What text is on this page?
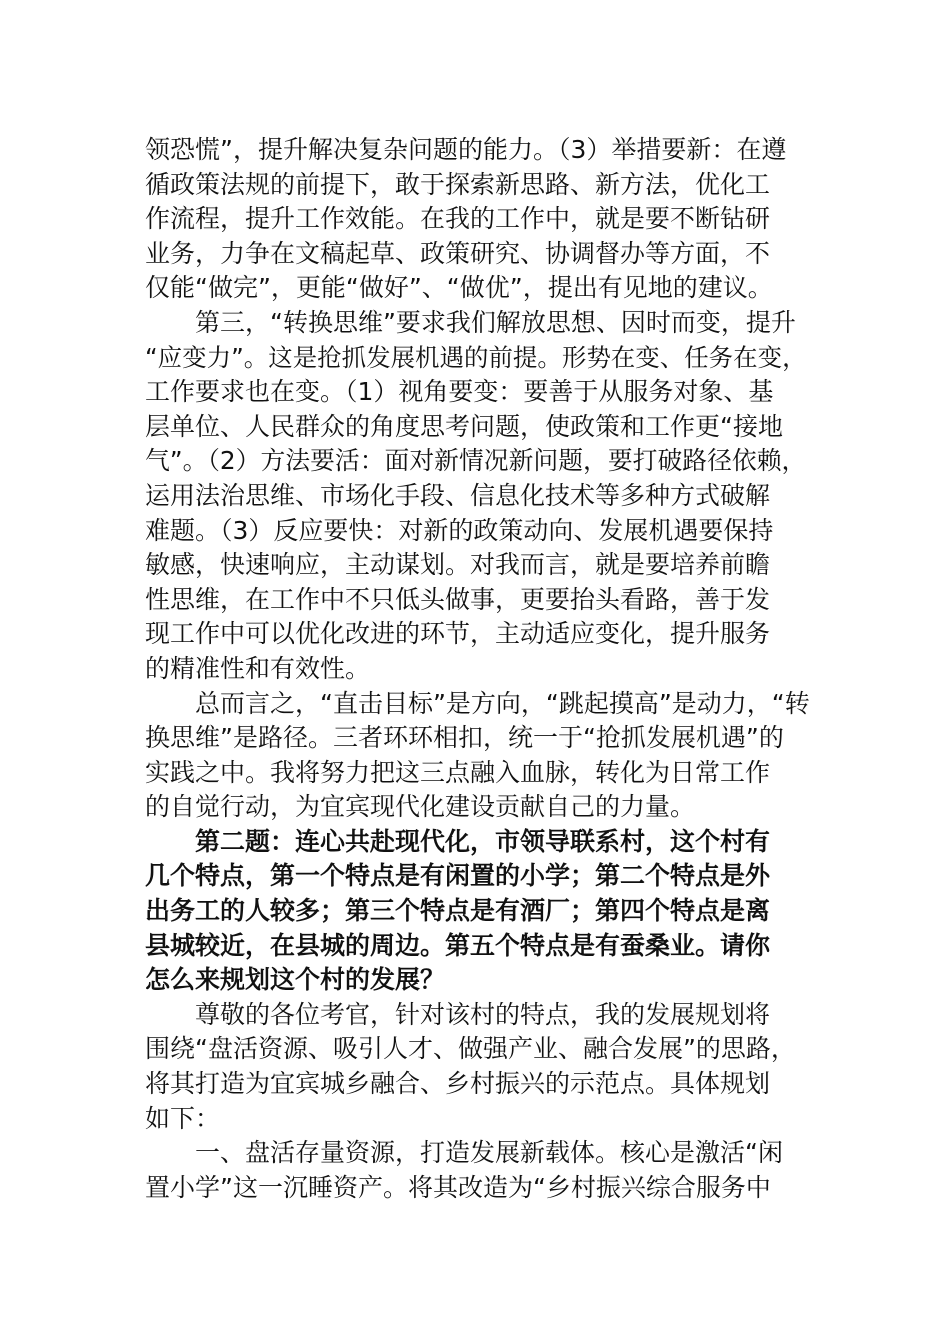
领恐慌”，提升解决复杂问题的能力。（3）举措要新：在遵
循政策法规的前提下，敢于探索新思路、新方法，优化工
作流程，提升工作效能。在我的工作中，就是要不断钻研
业务，力争在文稿起草、政策研究、协调督办等方面，不
仅能“做完”，更能“做好”、“做优”，提出有见地的建议。
第三，“转换思维”要求我们解放思想、因时而变，提升
“应变力”。这是抢抓发展机遇的前提。形势在变、任务在变，
工作要求也在变。（1）视角要变：要善于从服务对象、基
层单位、人民群众的角度思考问题，使政策和工作更“接地
气”。（2）方法要活：面对新情况新问题，要打破路径依赖，
运用法治思维、市场化手段、信息化技术等多种方式破解
难题。（3）反应要快：对新的政策动向、发展机遇要保持
敏感，快速响应，主动谋划。对我而言，就是要培养前瞻
性思维，在工作中不只低头做事，更要抬头看路，善于发
现工作中可以优化改进的环节，主动适应变化，提升服务
的精准性和有效性。
总而言之，“直击目标”是方向，“跳起摸高”是动力，“转
换思维”是路径。三者环环相扣，统一于“抢抓发展机遇”的
实践之中。我将努力把这三点融入血脉，转化为日常工作
的自觉行动，为宜宾现代化建设贡献自己的力量。
第二题：连心共赴现代化，市领导联系村，这个村有
几个特点，第一个特点是有闲置的小学；第二个特点是外
出务工的人较多；第三个特点是有酒厂；第四个特点是离
县城较近，在县城的周边。第五个特点是有蚕桑业。请你
怎么来规划这个村的发展？
尊敬的各位考官，针对该村的特点，我的发展规划将
围绕“盘活资源、吸引人才、做强产业、融合发展”的思路，
将其打造为宜宾城乡融合、乡村振兴的示范点。具体规划
如下：
一、盘活存量资源，打造发展新载体。核心是激活“闲
置小学”这一沉睡资产。将其改造为“乡村振兴综合服务中
